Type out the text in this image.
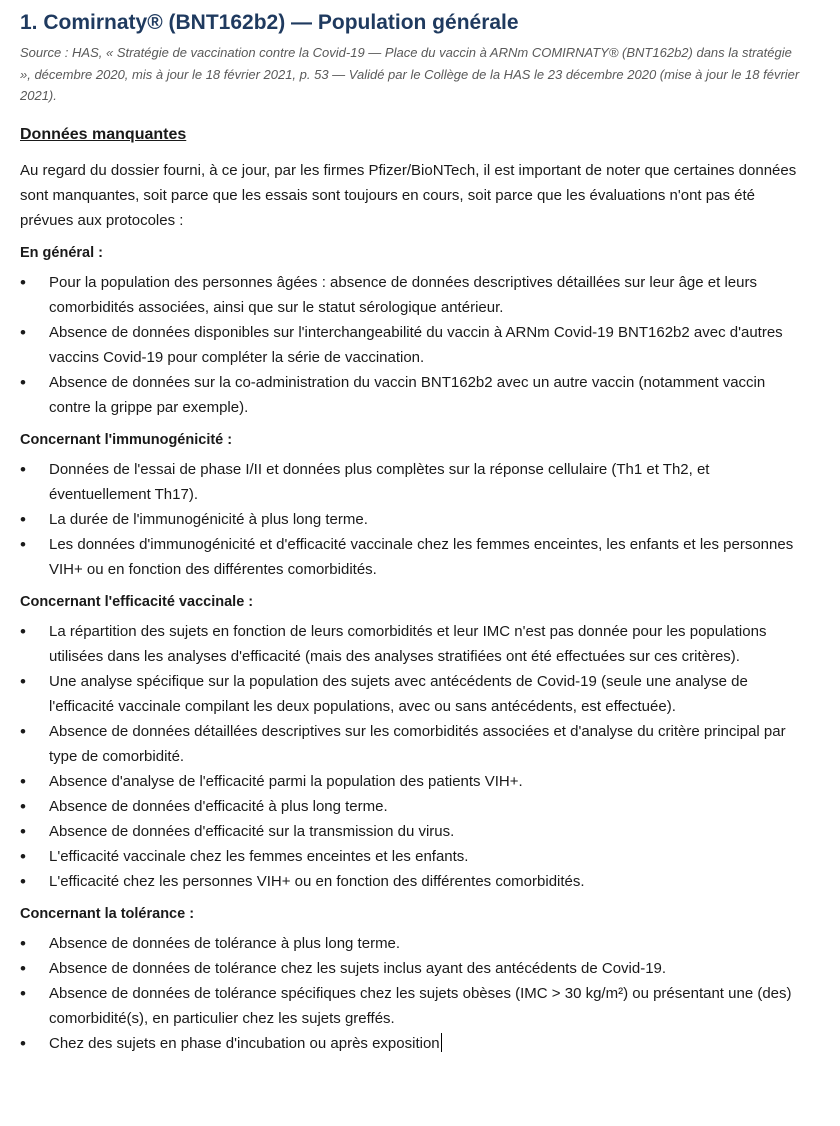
1. Comirnaty® (BNT162b2) — Population générale

Source : HAS, « Stratégie de vaccination contre la Covid-19 — Place du vaccin à ARNm COMIRNATY® (BNT162b2) dans la stratégie », décembre 2020, mis à jour le 18 février 2021, p. 53 — Validé par le Collège de la HAS le 23 décembre 2020 (mise à jour le 18 février 2021).

Données manquantes

Au regard du dossier fourni, à ce jour, par les firmes Pfizer/BioNTech, il est important de noter que certaines données sont manquantes, soit parce que les essais sont toujours en cours, soit parce que les évaluations n'ont pas été prévues aux protocoles :

En général :
• Pour la population des personnes âgées : absence de données descriptives détaillées sur leur âge et leurs comorbidités associées, ainsi que sur le statut sérologique antérieur.
• Absence de données disponibles sur l'interchangeabilité du vaccin à ARNm Covid-19 BNT162b2 avec d'autres vaccins Covid-19 pour compléter la série de vaccination.
• Absence de données sur la co-administration du vaccin BNT162b2 avec un autre vaccin (notamment vaccin contre la grippe par exemple).
Concernant l'immunogénicité :
• Données de l'essai de phase I/II et données plus complètes sur la réponse cellulaire (Th1 et Th2, et éventuellement Th17).
• La durée de l'immunogénicité à plus long terme.
• Les données d'immunogénicité et d'efficacité vaccinale chez les femmes enceintes, les enfants et les personnes VIH+ ou en fonction des différentes comorbidités.
Concernant l'efficacité vaccinale :
• La répartition des sujets en fonction de leurs comorbidités et leur IMC n'est pas donnée pour les populations utilisées dans les analyses d'efficacité (mais des analyses stratifiées ont été effectuées sur ces critères).
• Une analyse spécifique sur la population des sujets avec antécédents de Covid-19 (seule une analyse de l'efficacité vaccinale compilant les deux populations, avec ou sans antécédents, est effectuée).
• Absence de données détaillées descriptives sur les comorbidités associées et d'analyse du critère principal par type de comorbidité.
• Absence d'analyse de l'efficacité parmi la population des patients VIH+.
• Absence de données d'efficacité à plus long terme.
• Absence de données d'efficacité sur la transmission du virus.
• L'efficacité vaccinale chez les femmes enceintes et les enfants.
• L'efficacité chez les personnes VIH+ ou en fonction des différentes comorbidités.
Concernant la tolérance :
• Absence de données de tolérance à plus long terme.
• Absence de données de tolérance chez les sujets inclus ayant des antécédents de Covid-19.
• Absence de données de tolérance spécifiques chez les sujets obèses (IMC > 30 kg/m²) ou présentant une (des) comorbidité(s), en particulier chez les sujets greffés.
• Chez des sujets en phase d'incubation ou après exposition
